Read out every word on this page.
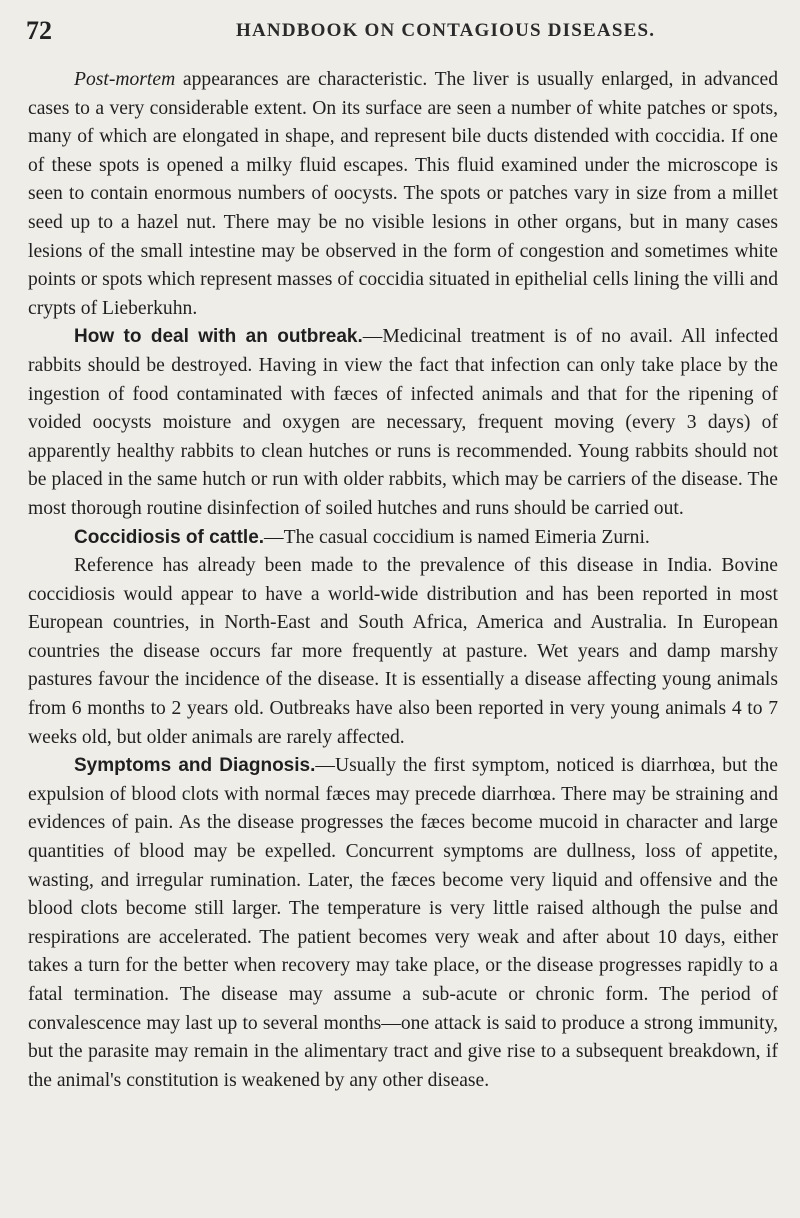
72	HANDBOOK ON CONTAGIOUS DISEASES.

Post-mortem appearances are characteristic. The liver is usually enlarged, in advanced cases to a very considerable extent. On its surface are seen a number of white patches or spots, many of which are elongated in shape, and represent bile ducts distended with coccidia. If one of these spots is opened a milky fluid escapes. This fluid examined under the microscope is seen to contain enormous numbers of oocysts. The spots or patches vary in size from a millet seed up to a hazel nut. There may be no visible lesions in other organs, but in many cases lesions of the small intestine may be observed in the form of congestion and sometimes white points or spots which represent masses of coccidia situated in epithelial cells lining the villi and crypts of Lieberkuhn.

How to deal with an outbreak.—Medicinal treatment is of no avail. All infected rabbits should be destroyed. Having in view the fact that infection can only take place by the ingestion of food contaminated with fæces of infected animals and that for the ripening of voided oocysts moisture and oxygen are necessary, frequent moving (every 3 days) of apparently healthy rabbits to clean hutches or runs is recommended. Young rabbits should not be placed in the same hutch or run with older rabbits, which may be carriers of the disease. The most thorough routine disinfection of soiled hutches and runs should be carried out.

Coccidiosis of cattle.—The casual coccidium is named Eimeria Zurni.

Reference has already been made to the prevalence of this disease in India. Bovine coccidiosis would appear to have a world-wide distribution and has been reported in most European countries, in North-East and South Africa, America and Australia. In European countries the disease occurs far more frequently at pasture. Wet years and damp marshy pastures favour the incidence of the disease. It is essentially a disease affecting young animals from 6 months to 2 years old. Outbreaks have also been reported in very young animals 4 to 7 weeks old, but older animals are rarely affected.

Symptoms and Diagnosis.—Usually the first symptom, noticed is diarrhœa, but the expulsion of blood clots with normal fæces may precede diarrhœa. There may be straining and evidences of pain. As the disease progresses the fæces become mucoid in character and large quantities of blood may be expelled. Concurrent symptoms are dullness, loss of appetite, wasting, and irregular rumination. Later, the fæces become very liquid and offensive and the blood clots become still larger. The temperature is very little raised although the pulse and respirations are accelerated. The patient becomes very weak and after about 10 days, either takes a turn for the better when recovery may take place, or the disease progresses rapidly to a fatal termination. The disease may assume a sub-acute or chronic form. The period of convalescence may last up to several months—one attack is said to produce a strong immunity, but the parasite may remain in the alimentary tract and give rise to a subsequent breakdown, if the animal's constitution is weakened by any other disease.
